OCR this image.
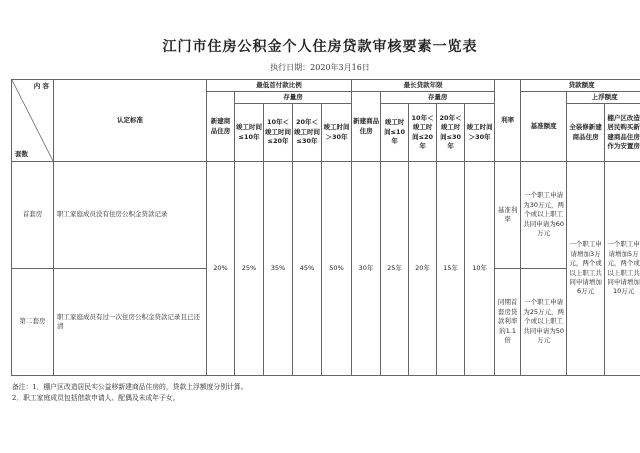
江门市住房公积金个人住房贷款审核要素一览表
执行日期：2020年3月16日
内 容
套数	认定标准	最低首付款比例					最长贷款年限					利率	贷款额度		
		新建商品住房	存量房				新建商品住房	存量房					基准额度	上浮额度	
			竣工时间≤10年	10年＜竣工时间≤20年	20年＜竣工时间≤30年	竣工时间＞30年		竣工时间≤10年	10年＜竣工时间≤20年	20年＜竣工时间≤30年	竣工时间＞30年			全装修新建商品住房	棚户区改造居民购买新建商品住房作为安置房
首套房	职工家庭成员没有住房公积金贷款记录	20%	25%	35%	45%	50%	30年	25年	20年	15年	10年	基准利率	一个职工申请为30万元，两个或以上职工共同申请为60万元	一个职工申请增加3万元，两个或以上职工共同申请增加6万元	一个职工申请增加5万元，两个或以上职工共同申请增加10万元
第二套房	职工家庭成员有过一次住房公积金贷款记录且已还清											同期首套房贷款利率的1.1倍	一个职工申请为25万元，两个或以上职工共同申请为50万元		
备注：1．棚户区改造居民实公益移新建商品住房的，贷款上浮额度分别计算。
2．职工家庭成员包括借款申请人、配偶及未成年子女。
